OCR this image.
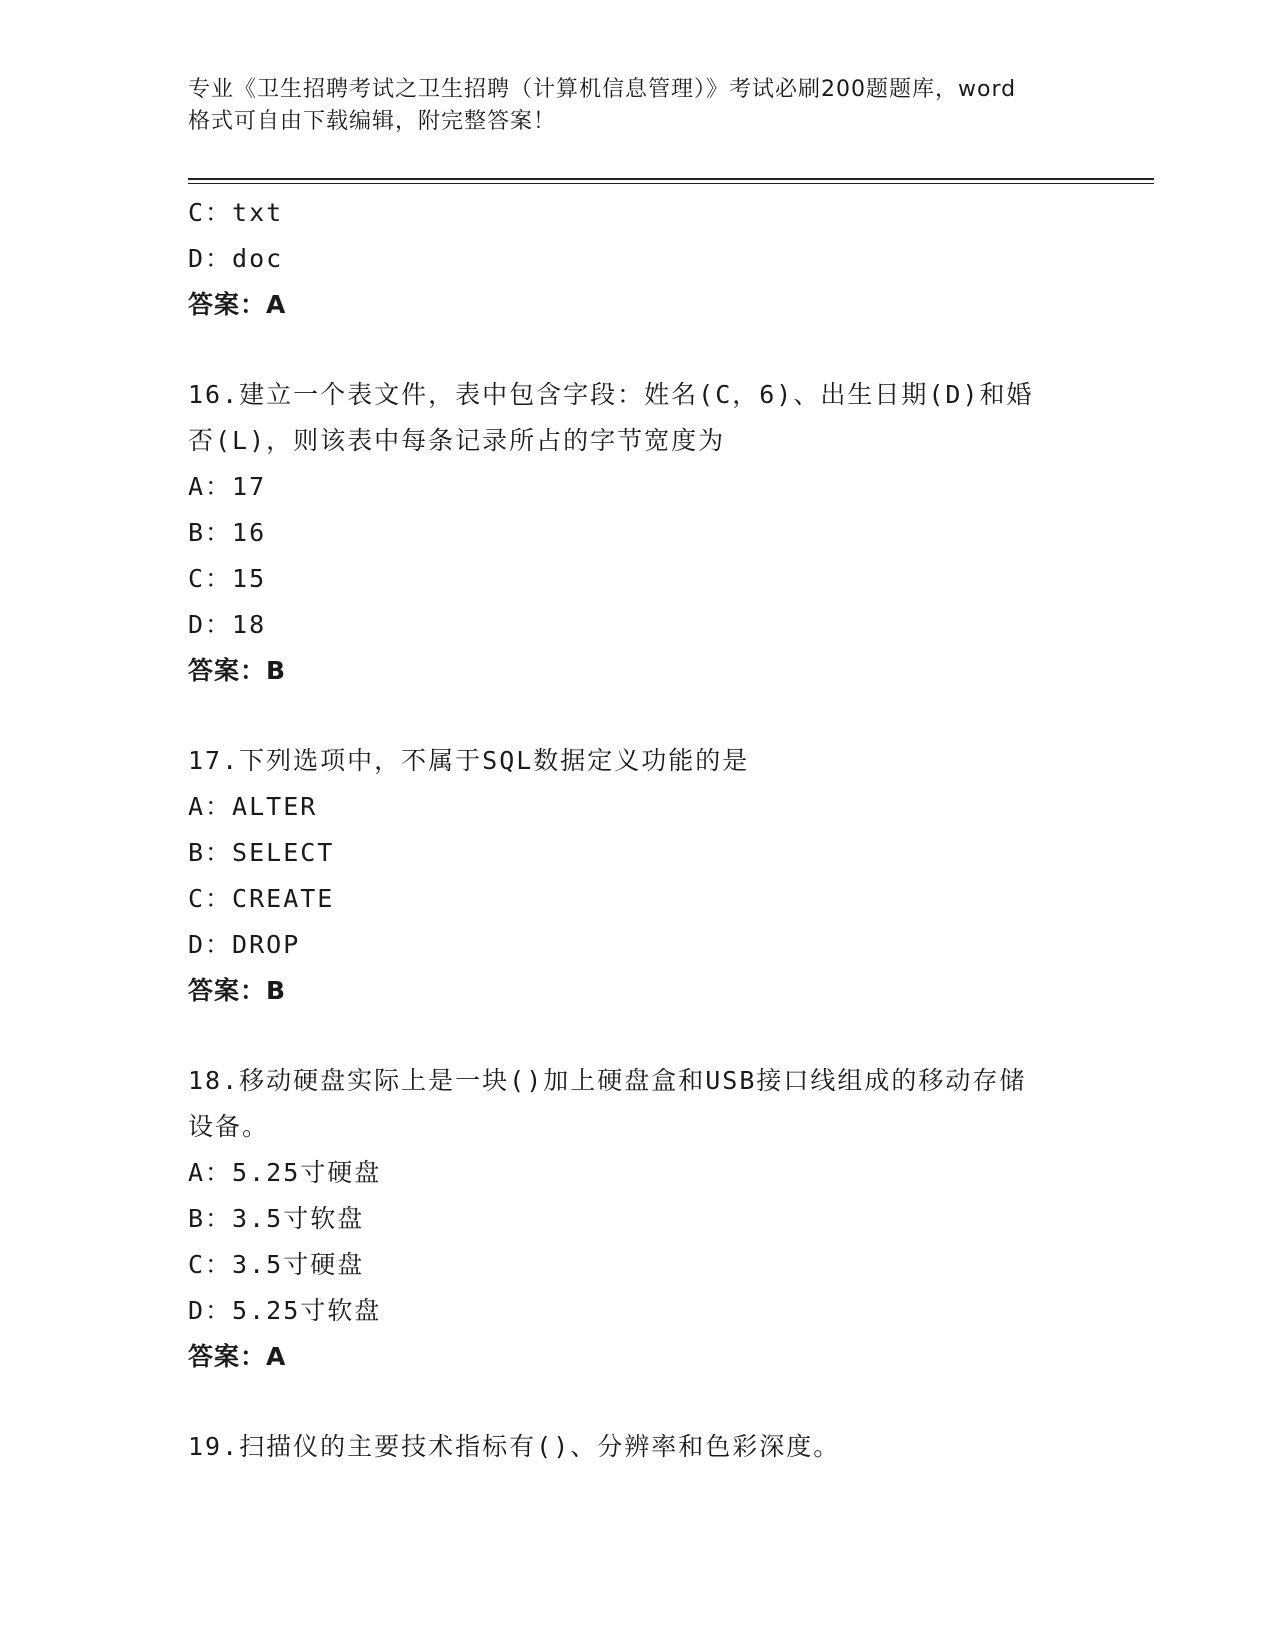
专业《卫生招聘考试之卫生招聘（计算机信息管理）》考试必刷200题题库，word
格式可自由下载编辑，附完整答案！
C：txt
D：doc
答案：A
16.建立一个表文件，表中包含字段：姓名(C，6)、出生日期(D)和婚
否(L)，则该表中每条记录所占的字节宽度为
A：17
B：16
C：15
D：18
答案：B
17.下列选项中，不属于SQL数据定义功能的是
A：ALTER
B：SELECT
C：CREATE
D：DROP
答案：B
18.移动硬盘实际上是一块()加上硬盘盒和USB接口线组成的移动存储
设备。
A：5.25寸硬盘
B：3.5寸软盘
C：3.5寸硬盘
D：5.25寸软盘
答案：A
19.扫描仪的主要技术指标有()、分辨率和色彩深度。
